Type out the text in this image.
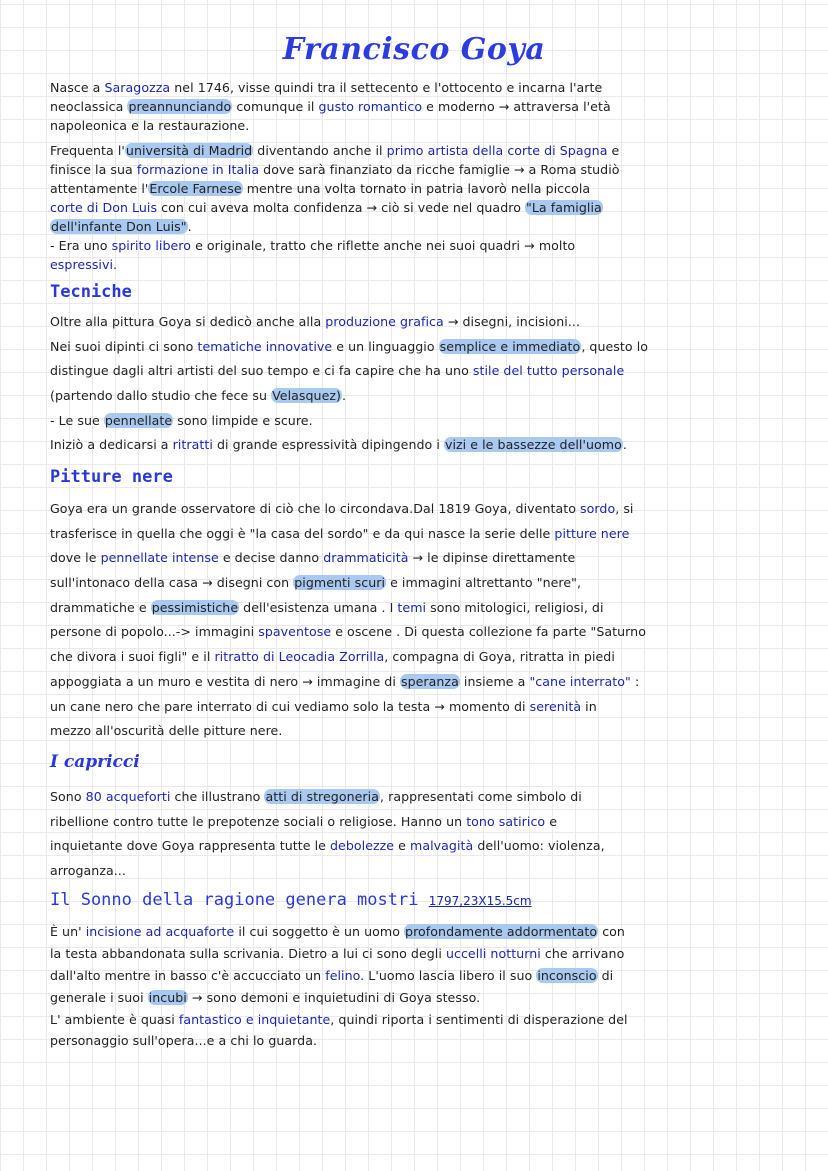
Francisco Goya

Nasce a Saragozza nel 1746, visse quindi tra il settecento e l'ottocento e incarna l'arte

neoclassica preannunciando comunque il gusto romantico e moderno → attraversa l'età

napoleonica e la restaurazione.

Frequenta l'università di Madrid diventando anche il primo artista della corte di Spagna e

finisce la sua formazione in Italia dove sarà finanziato da ricche famiglie → a Roma studiò

attentamente l'Ercole Farnese mentre una volta tornato in patria lavorò nella piccola

corte di Don Luis con cui aveva molta confidenza → ciò si vede nel quadro "La famiglia

dell'infante Don Luis".

- Era uno spirito libero e originale, tratto che riflette anche nei suoi quadri → molto

espressivi.

Tecniche

Oltre alla pittura Goya si dedicò anche alla produzione grafica → disegni, incisioni...

Nei suoi dipinti ci sono tematiche innovative e un linguaggio semplice e immediato, questo lo

distingue dagli altri artisti del suo tempo e ci fa capire che ha uno stile del tutto personale

(partendo dallo studio che fece su Velasquez).

- Le sue pennellate sono limpide e scure.

Iniziò a dedicarsi a ritratti di grande espressività dipingendo i vizi e le bassezze dell'uomo.

Pitture nere

Goya era un grande osservatore di ciò che lo circondava.Dal 1819 Goya, diventato sordo, si

trasferisce in quella che oggi è "la casa del sordo" e da qui nasce la serie delle pitture nere

dove le pennellate intense e decise danno drammaticità → le dipinse direttamente

sull'intonaco della casa → disegni con pigmenti scuri e immagini altrettanto "nere",

drammatiche e pessimistiche dell'esistenza umana . I temi sono mitologici, religiosi, di

persone di popolo...-> immagini spaventose e oscene . Di questa collezione fa parte "Saturno

che divora i suoi figli" e il ritratto di Leocadia Zorrilla, compagna di Goya, ritratta in piedi

appoggiata a un muro e vestita di nero → immagine di speranza insieme a "cane interrato" :

un cane nero che pare interrato di cui vediamo solo la testa → momento di serenità in

mezzo all'oscurità delle pitture nere.

I capricci

Sono 80 acqueforti che illustrano atti di stregoneria, rappresentati come simbolo di

ribellione contro tutte le prepotenze sociali o religiose. Hanno un tono satirico e

inquietante dove Goya rappresenta tutte le debolezze e malvagità dell'uomo: violenza,

arroganza...

Il Sonno della ragione genera mostri 1797,23X15.5cm

È un' incisione ad acquaforte il cui soggetto è un uomo profondamente addormentato con

la testa abbandonata sulla scrivania. Dietro a lui ci sono degli uccelli notturni che arrivano

dall'alto mentre in basso c'è accucciato un felino. L'uomo lascia libero il suo inconscio di

generale i suoi incubi → sono demoni e inquietudini di Goya stesso.

L' ambiente è quasi fantastico e inquietante, quindi riporta i sentimenti di disperazione del

personaggio sull'opera...e a chi lo guarda.
